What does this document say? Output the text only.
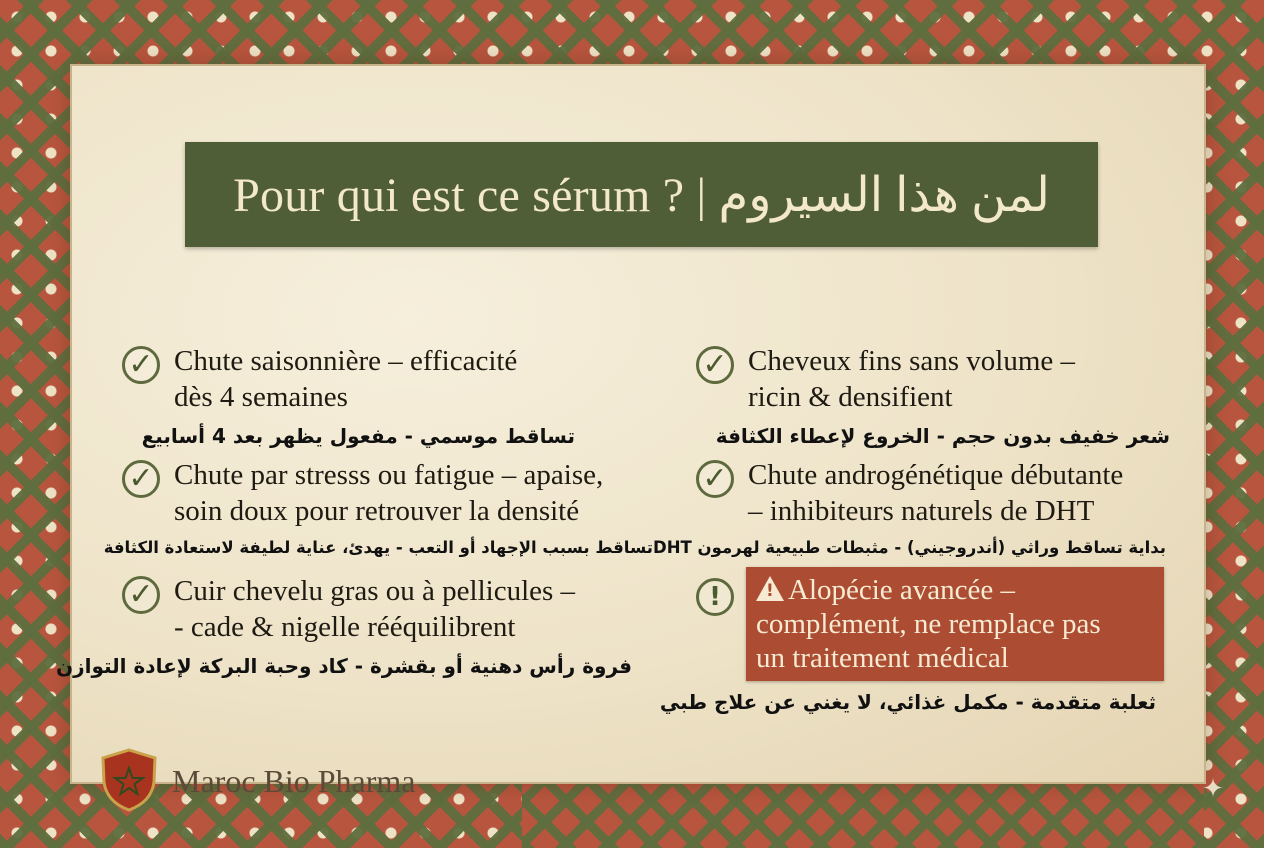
✦
Pour qui est ce sérum ? | لمن هذا السيروم
✓ Chute saisonnière – efficacité
dès 4 semaines
تساقط موسمي - مفعول يظهر بعد 4 أسابيع
✓ Chute par stresss ou fatigue – apaise,
soin doux pour retrouver la densité
تساقط بسبب الإجهاد أو التعب - يهدئ، عناية لطيفة لاستعادة الكثافة
✓ Cuir chevelu gras ou à pellicules –
- cade & nigelle rééquilibrent
فروة رأس دهنية أو بقشرة - كاد وحبة البركة لإعادة التوازن
✓ Cheveux fins sans volume –
ricin & densifient
شعر خفيف بدون حجم - الخروع لإعطاء الكثافة
✓ Chute androgénétique débutante
– inhibiteurs naturels de DHT
بداية تساقط وراثي (أندروجيني) - مثبطات طبيعية لهرمون DHT
!	! Alopécie avancée –
complément, ne remplace pas
un traitement médical
ثعلبة متقدمة - مكمل غذائي، لا يغني عن علاج طبي
Maroc Bio Pharma
